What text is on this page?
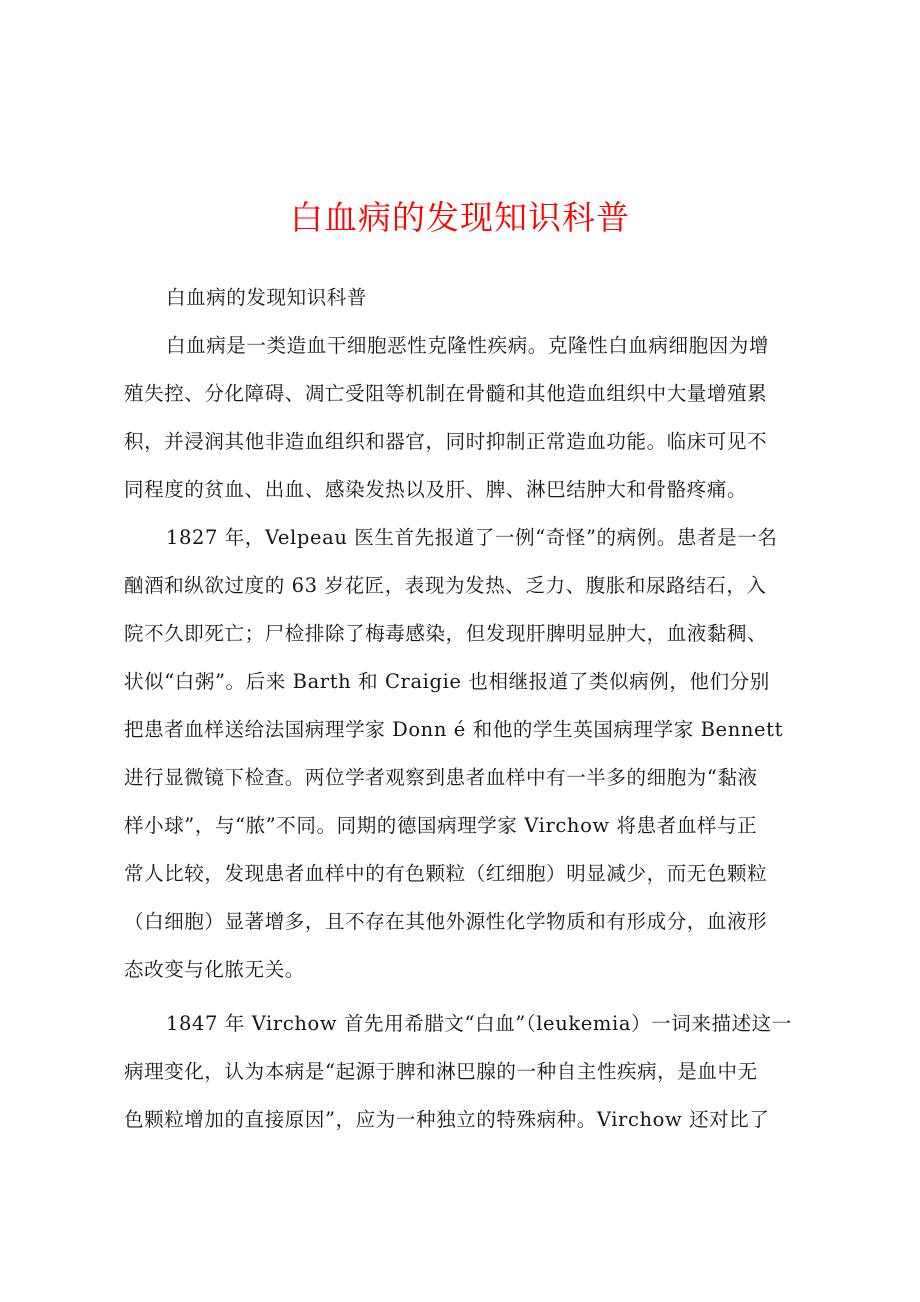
白血病的发现知识科普
白血病的发现知识科普
白血病是一类造血干细胞恶性克隆性疾病。克隆性白血病细胞因为增
殖失控、分化障碍、凋亡受阻等机制在骨髓和其他造血组织中大量增殖累
积，并浸润其他非造血组织和器官，同时抑制正常造血功能。临床可见不
同程度的贫血、出血、感染发热以及肝、脾、淋巴结肿大和骨骼疼痛。
1827 年，Velpeau 医生首先报道了一例“奇怪”的病例。患者是一名
酗酒和纵欲过度的 63 岁花匠，表现为发热、乏力、腹胀和尿路结石，入
院不久即死亡；尸检排除了梅毒感染，但发现肝脾明显肿大，血液黏稠、
状似“白粥”。后来 Barth 和 Craigie 也相继报道了类似病例，他们分别
把患者血样送给法国病理学家 Donn é 和他的学生英国病理学家 Bennett
进行显微镜下检查。两位学者观察到患者血样中有一半多的细胞为“黏液
样小球”，与“脓”不同。同期的德国病理学家 Virchow 将患者血样与正
常人比较，发现患者血样中的有色颗粒（红细胞）明显减少，而无色颗粒
（白细胞）显著增多，且不存在其他外源性化学物质和有形成分，血液形
态改变与化脓无关。
1847 年 Virchow 首先用希腊文“白血”（leukemia）一词来描述这一
病理变化，认为本病是“起源于脾和淋巴腺的一种自主性疾病，是血中无
色颗粒增加的直接原因”，应为一种独立的特殊病种。Virchow 还对比了
